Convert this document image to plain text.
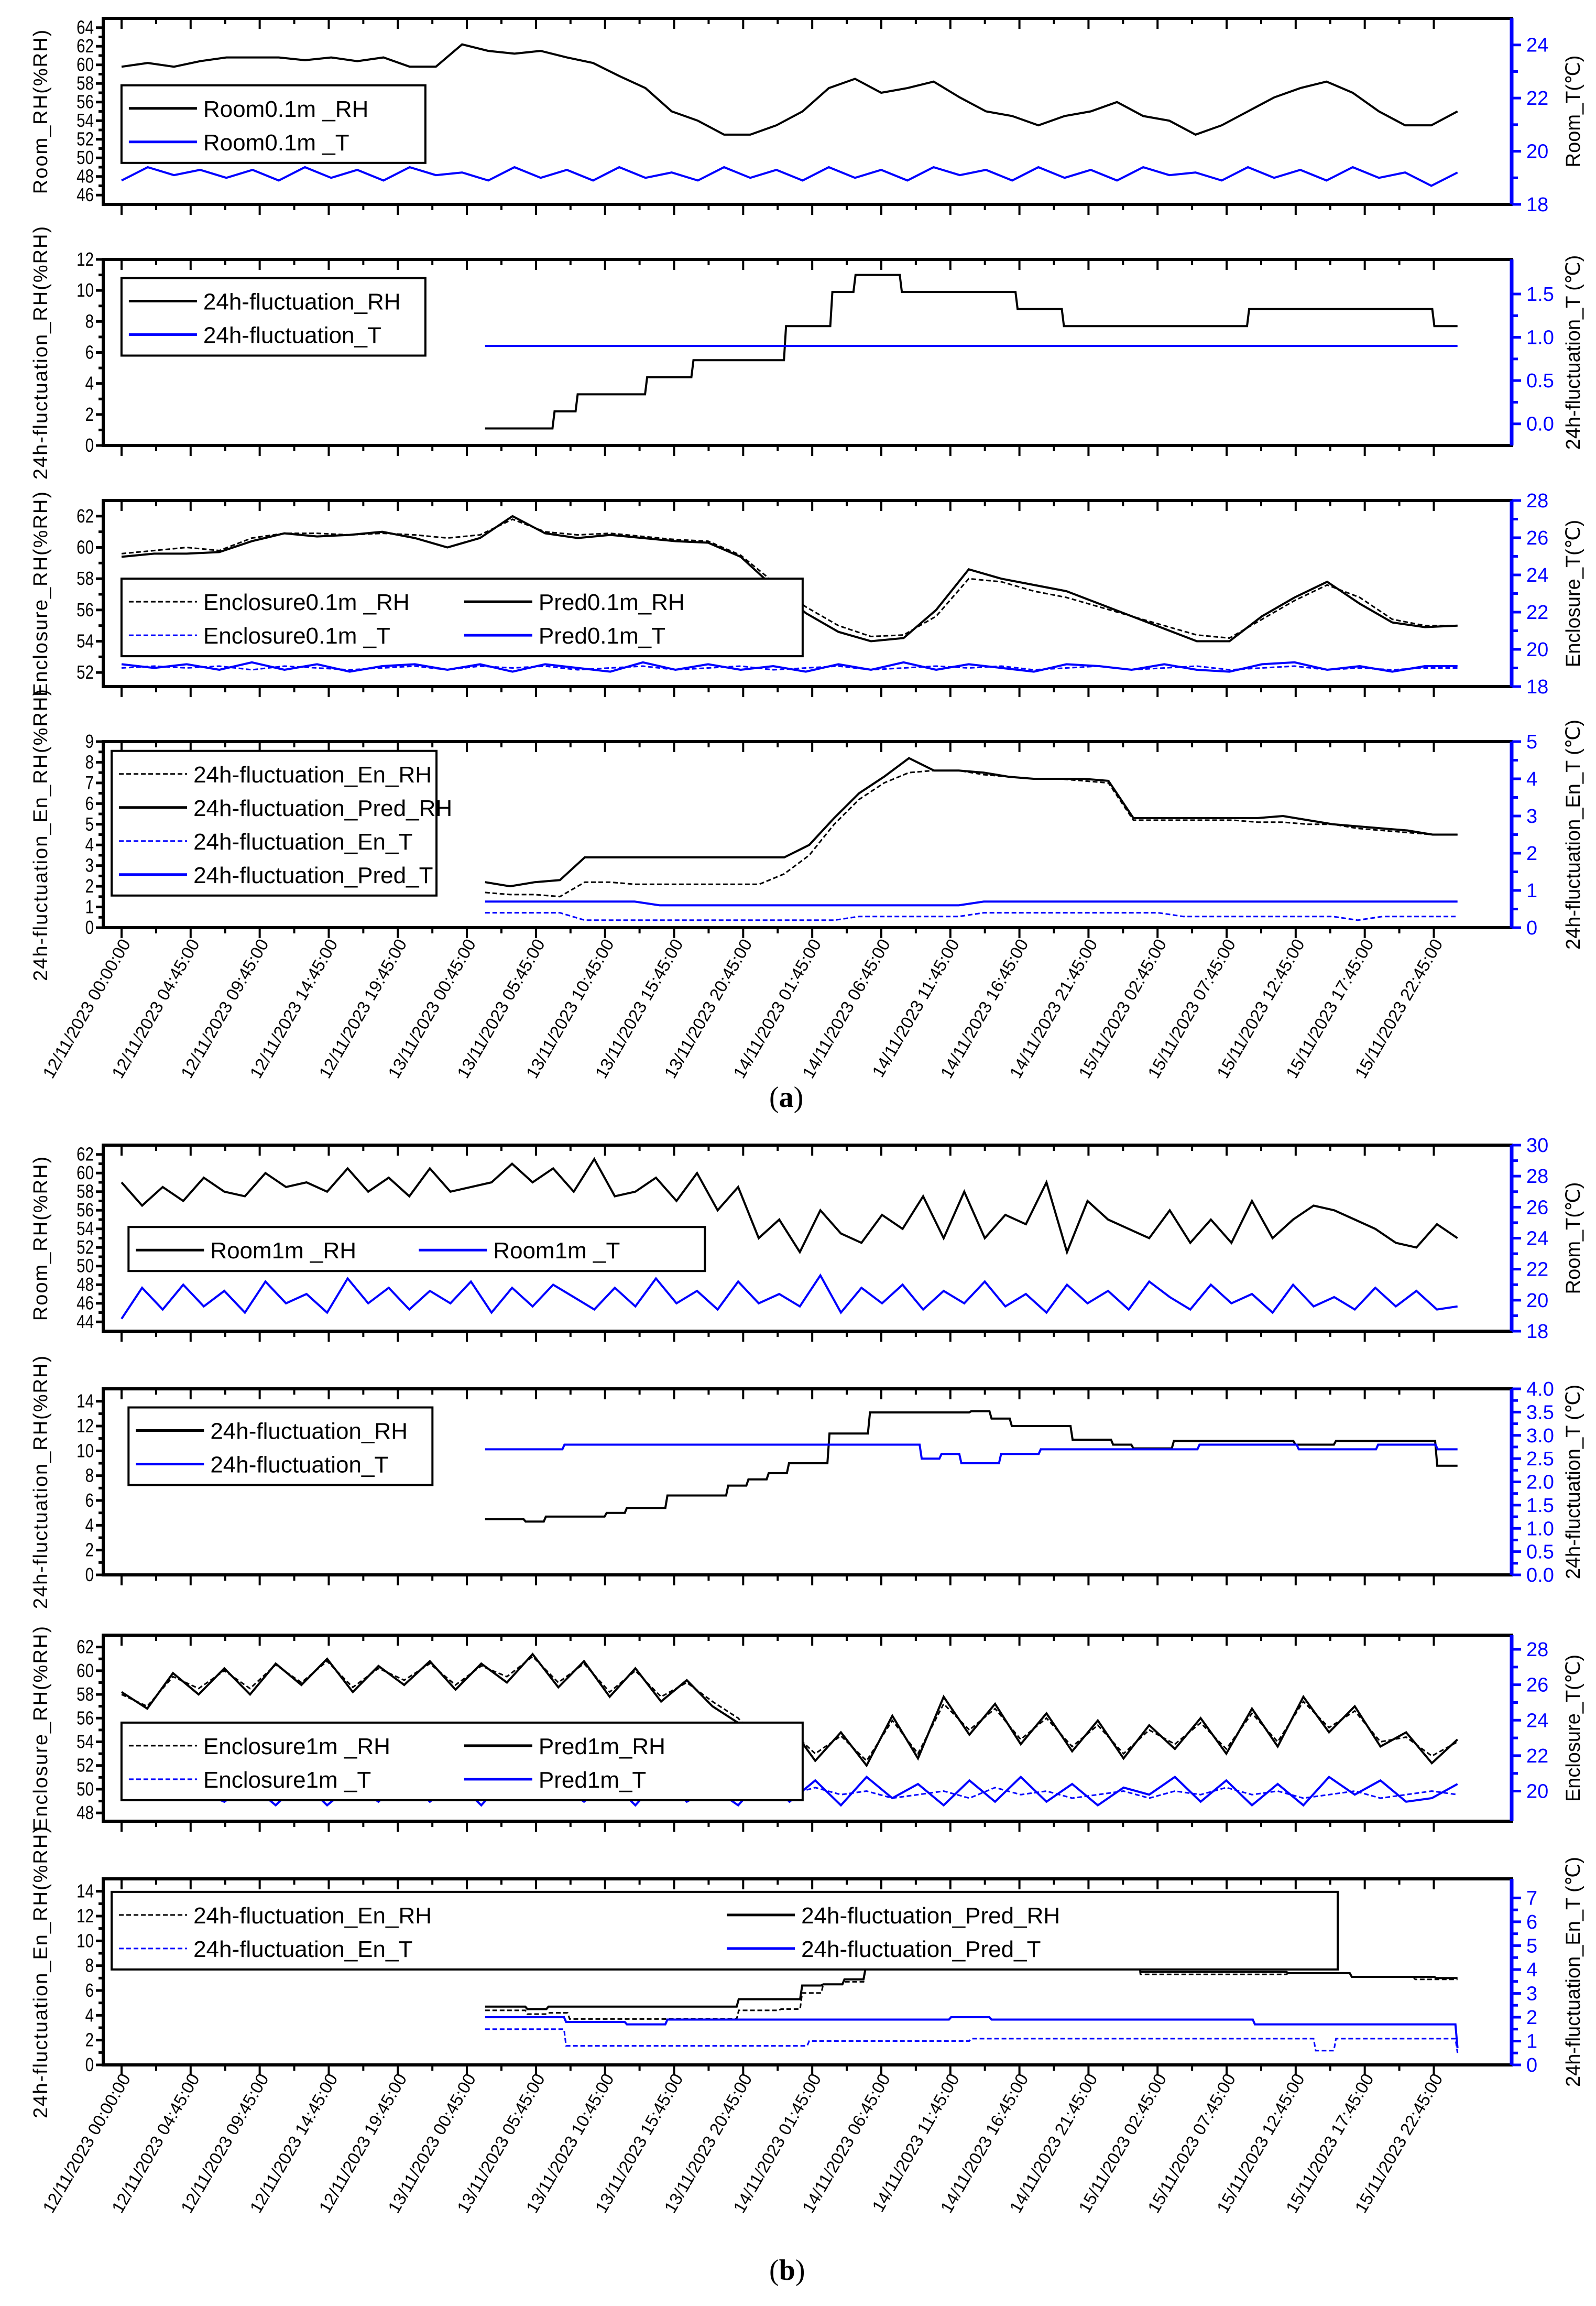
46
48
50
52
54
56
58
60
62
64
18
20
22
24
Room_RH(%RH)	Room_T(℃)
Room0.1m _RH
Room0.1m _T
0
2
4
6
8
10
12
0.0
0.5
1.0
1.5
24h-fluctuation_RH(%RH)	24h-fluctuation_T (℃)
24h-fluctuation_RH
24h-fluctuation_T
52
54
56
58
60
62
18
20
22
24
26
28
Enclosure_RH(%RH)	Enclosure_T(℃)
Enclosure0.1m _RH	Pred0.1m_RH
Enclosure0.1m _T	Pred0.1m_T
0
1
2
3
4
5
6
7
8
9
0
1
2
3
4
5
24h-fluctuation_En_RH(%RH)	24h-fluctuation_En_T (℃)
24h-fluctuation_En_RH
24h-fluctuation_Pred_RH
24h-fluctuation_En_T
24h-fluctuation_Pred_T
44
46
48
50
52
54
56
58
60
62
18
20
22
24
26
28
30
Room_RH(%RH)	Room_T(℃)
Room1m _RH	Room1m _T
0
2
4
6
8
10
12
14
0.0
0.5
1.0
1.5
2.0
2.5
3.0
3.5
4.0
24h-fluctuation_RH(%RH)	24h-fluctuation_T (℃)
24h-fluctuation_RH
24h-fluctuation_T
48
50
52
54
56
58
60
62
20
22
24
26
28
Enclosure_RH(%RH)	Enclosure_T(℃)
Enclosure1m _RH	Pred1m_RH
Enclosure1m _T	Pred1m_T
0
2
4
6
8
10
12
14
0
1
2
3
4
5
6
7
24h-fluctuation_En_RH(%RH)	24h-fluctuation_En_T (℃)
24h-fluctuation_En_RH	24h-fluctuation_Pred_RH
24h-fluctuation_En_T	24h-fluctuation_Pred_T
12/11/2023 00:00:00
12/11/2023 04:45:00
12/11/2023 09:45:00
12/11/2023 14:45:00
12/11/2023 19:45:00
13/11/2023 00:45:00
13/11/2023 05:45:00
13/11/2023 10:45:00
13/11/2023 15:45:00
13/11/2023 20:45:00
14/11/2023 01:45:00
14/11/2023 06:45:00
14/11/2023 11:45:00
14/11/2023 16:45:00
14/11/2023 21:45:00
15/11/2023 02:45:00
15/11/2023 07:45:00
15/11/2023 12:45:00
15/11/2023 17:45:00
15/11/2023 22:45:00
12/11/2023 00:00:00
12/11/2023 04:45:00
12/11/2023 09:45:00
12/11/2023 14:45:00
12/11/2023 19:45:00
13/11/2023 00:45:00
13/11/2023 05:45:00
13/11/2023 10:45:00
13/11/2023 15:45:00
13/11/2023 20:45:00
14/11/2023 01:45:00
14/11/2023 06:45:00
14/11/2023 11:45:00
14/11/2023 16:45:00
14/11/2023 21:45:00
15/11/2023 02:45:00
15/11/2023 07:45:00
15/11/2023 12:45:00
15/11/2023 17:45:00
15/11/2023 22:45:00
(a)
(b)
